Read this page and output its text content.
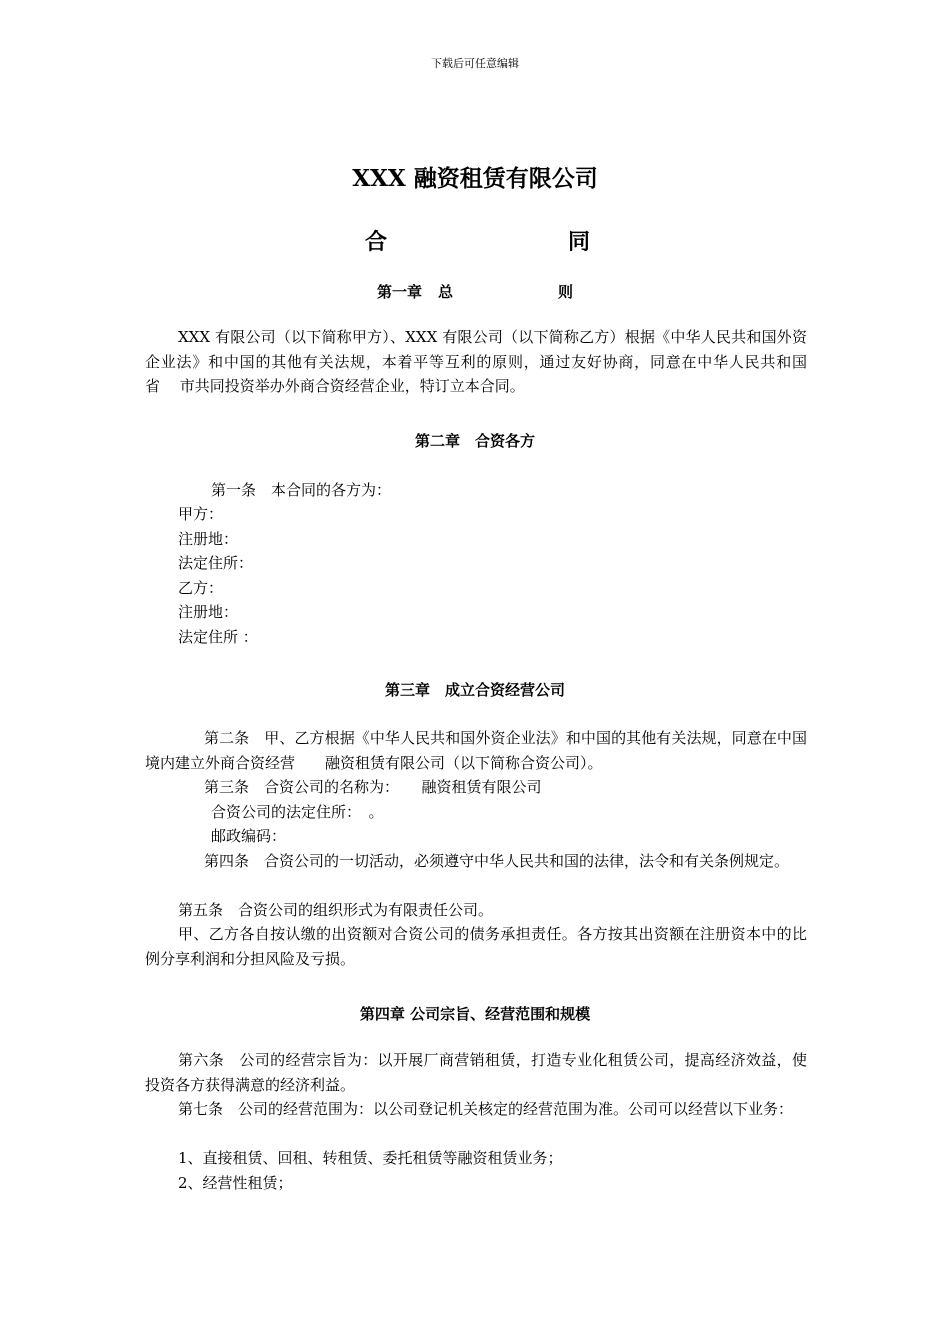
下载后可任意编辑
XXX 融资租赁有限公司
合	同
第一章 总	则
XXX 有限公司（以下简称甲方）、XXX 有限公司（以下简称乙方）根据《中华人民共和国外资企业法》和中国的其他有关法规，本着平等互利的原则，通过友好协商，同意在中华人民共和国　　省　 市共同投资举办外商合资经营企业，特订立本合同。
第二章　合资各方
第一条　本合同的各方为：
甲方：
注册地：
法定住所：
乙方：
注册地：
法定住所 ：
第三章　成立合资经营公司
第二条　甲、乙方根据《中华人民共和国外资企业法》和中国的其他有关法规，同意在中国境内建立外商合资经营　　融资租赁有限公司（以下简称合资公司）。
第三条　合资公司的名称为：　　融资租赁有限公司
合资公司的法定住所：　。
邮政编码：
第四条　合资公司的一切活动，必须遵守中华人民共和国的法律，法令和有关条例规定。
第五条　合资公司的组织形式为有限责任公司。
甲、乙方各自按认缴的出资额对合资公司的债务承担责任。各方按其出资额在注册资本中的比例分享利润和分担风险及亏损。
第四章 公司宗旨、经营范围和规模
第六条　公司的经营宗旨为：以开展厂商营销租赁，打造专业化租赁公司，提高经济效益，使投资各方获得满意的经济利益。
第七条　公司的经营范围为：以公司登记机关核定的经营范围为准。公司可以经营以下业务：
1、直接租赁、回租、转租赁、委托租赁等融资租赁业务；
2、经营性租赁；
